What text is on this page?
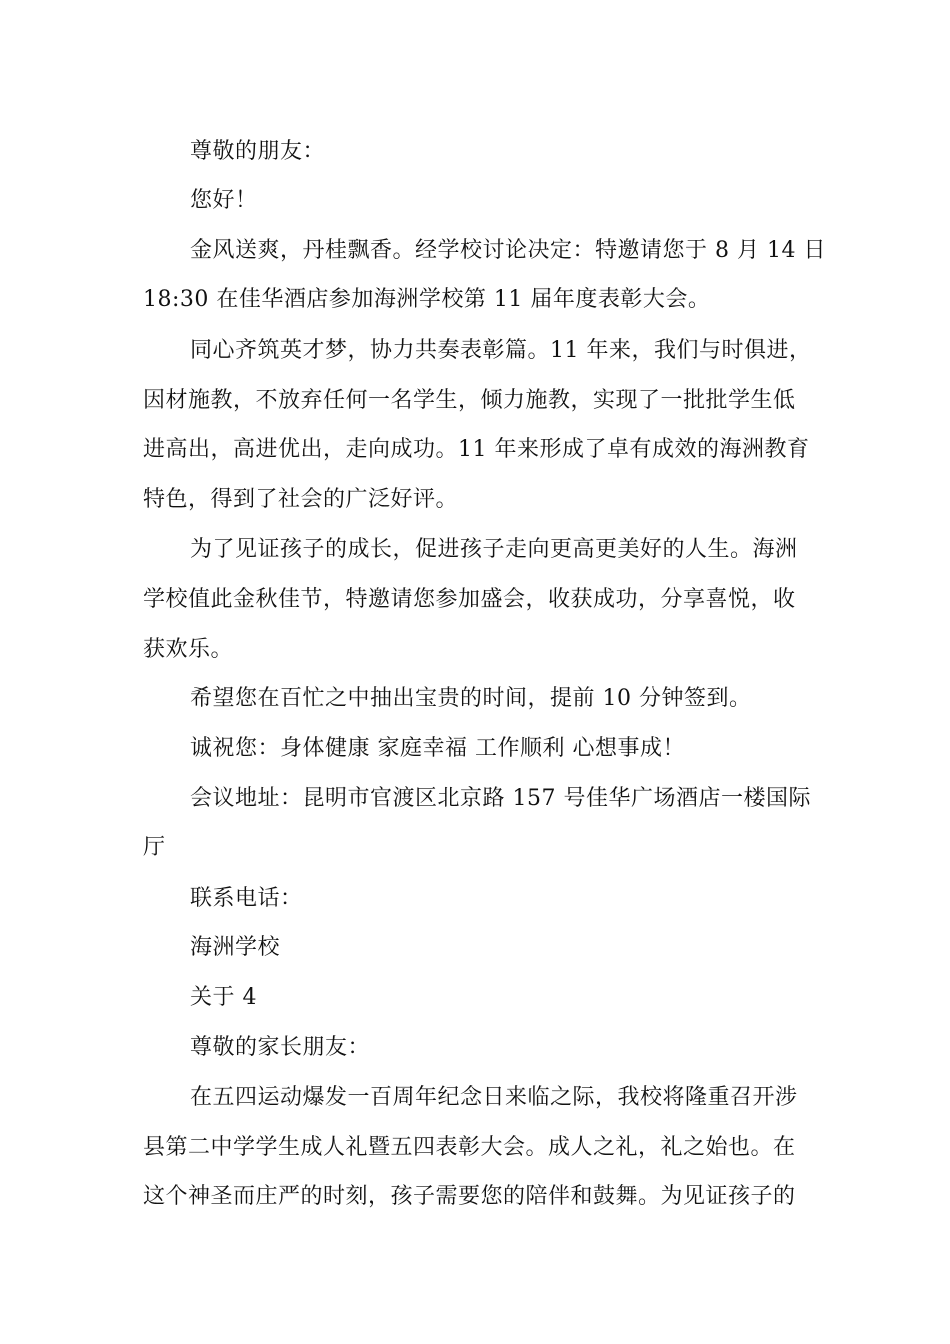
尊敬的朋友：
您好！
金风送爽，丹桂飘香。经学校讨论决定：特邀请您于 8 月 14 日
18:30 在佳华酒店参加海洲学校第 11 届年度表彰大会。
同心齐筑英才梦，协力共奏表彰篇。11 年来，我们与时俱进，
因材施教，不放弃任何一名学生，倾力施教，实现了一批批学生低
进高出，高进优出，走向成功。11 年来形成了卓有成效的海洲教育
特色，得到了社会的广泛好评。
为了见证孩子的成长，促进孩子走向更高更美好的人生。海洲
学校值此金秋佳节，特邀请您参加盛会，收获成功，分享喜悦，收
获欢乐。
希望您在百忙之中抽出宝贵的时间，提前 10 分钟签到。
诚祝您：身体健康 家庭幸福 工作顺利 心想事成！
会议地址：昆明市官渡区北京路 157 号佳华广场酒店一楼国际
厅
联系电话：
海洲学校
关于 4
尊敬的家长朋友：
在五四运动爆发一百周年纪念日来临之际，我校将隆重召开涉
县第二中学学生成人礼暨五四表彰大会。成人之礼，礼之始也。在
这个神圣而庄严的时刻，孩子需要您的陪伴和鼓舞。为见证孩子的
